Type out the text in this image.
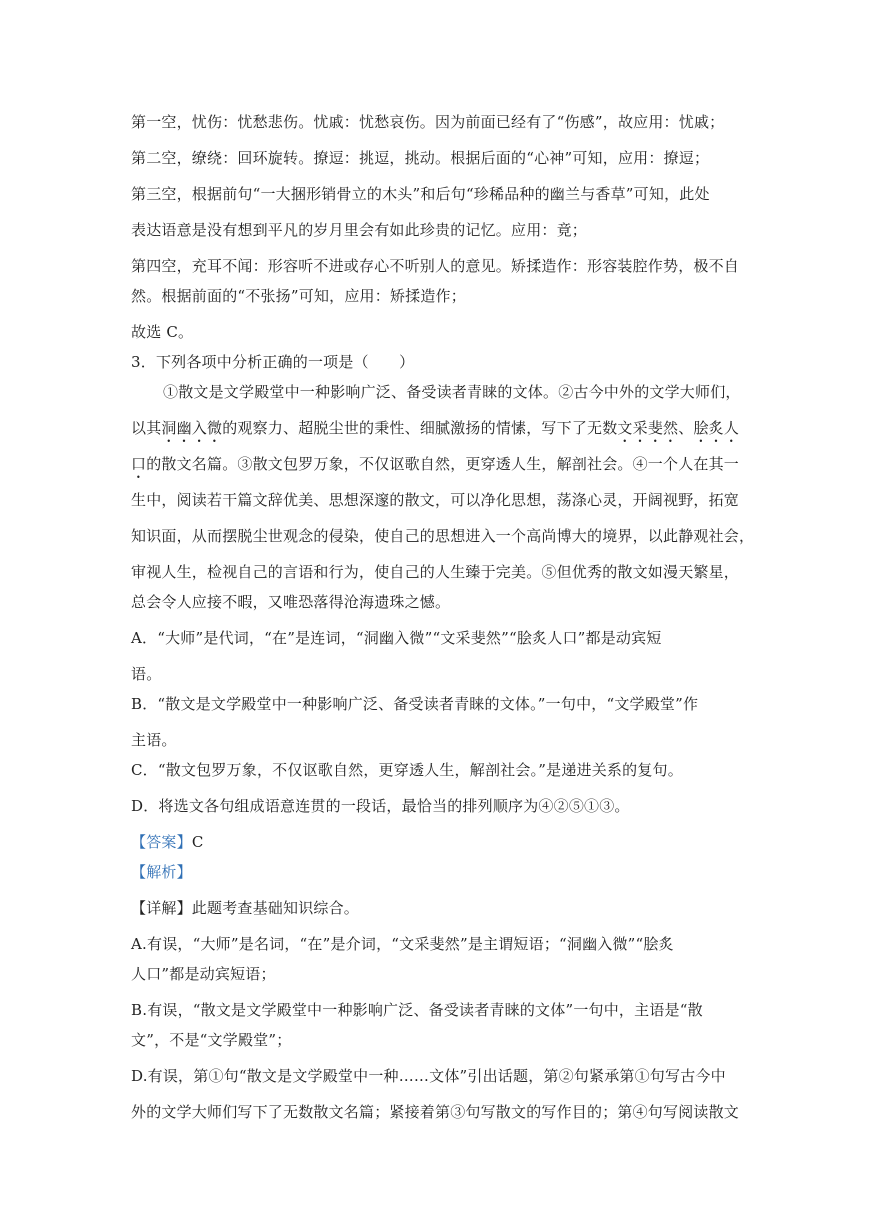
第一空，忧伤：忧愁悲伤。忧戚：忧愁哀伤。因为前面已经有了“伤感”，故应用：忧戚；
第二空，缭绕：回环旋转。撩逗：挑逗，挑动。根据后面的“心神”可知，应用：撩逗；
第三空，根据前句“一大捆形销骨立的木头”和后句“珍稀品种的幽兰与香草”可知，此处
表达语意是没有想到平凡的岁月里会有如此珍贵的记忆。应用：竟；
第四空，充耳不闻：形容听不进或存心不听别人的意见。矫揉造作：形容装腔作势，极不自
然。根据前面的“不张扬”可知，应用：矫揉造作；
故选 C。
3．下列各项中分析正确的一项是（　　）
①散文是文学殿堂中一种影响广泛、备受读者青睐的文体。②古今中外的文学大师们，
以其洞幽入微的观察力、超脱尘世的秉性、细腻激扬的情愫，写下了无数文采斐然、脍炙人
口的散文名篇。③散文包罗万象，不仅讴歌自然，更穿透人生，解剖社会。④一个人在其一
生中，阅读若干篇文辞优美、思想深邃的散文，可以净化思想，荡涤心灵，开阔视野，拓宽
知识面，从而摆脱尘世观念的侵染，使自己的思想进入一个高尚博大的境界，以此静观社会，
审视人生，检视自己的言语和行为，使自己的人生臻于完美。⑤但优秀的散文如漫天繁星，
总会令人应接不暇，又唯恐落得沧海遗珠之憾。
A．“大师”是代词，“在”是连词，“洞幽入微”“文采斐然”“脍炙人口”都是动宾短
语。
B．“散文是文学殿堂中一种影响广泛、备受读者青睐的文体。”一句中，“文学殿堂”作
主语。
C．“散文包罗万象，不仅讴歌自然，更穿透人生，解剖社会。”是递进关系的复句。
D．将选文各句组成语意连贯的一段话，最恰当的排列顺序为④②⑤①③。
【答案】C
【解析】
【详解】此题考查基础知识综合。
A.有误，“大师”是名词，“在”是介词，“文采斐然”是主谓短语；“洞幽入微”“脍炙
人口”都是动宾短语；
B.有误，“散文是文学殿堂中一种影响广泛、备受读者青睐的文体”一句中，主语是“散
文”，不是“文学殿堂”；
D.有误，第①句“散文是文学殿堂中一种……文体”引出话题，第②句紧承第①句写古今中
外的文学大师们写下了无数散文名篇；紧接着第③句写散文的写作目的；第④句写阅读散文
